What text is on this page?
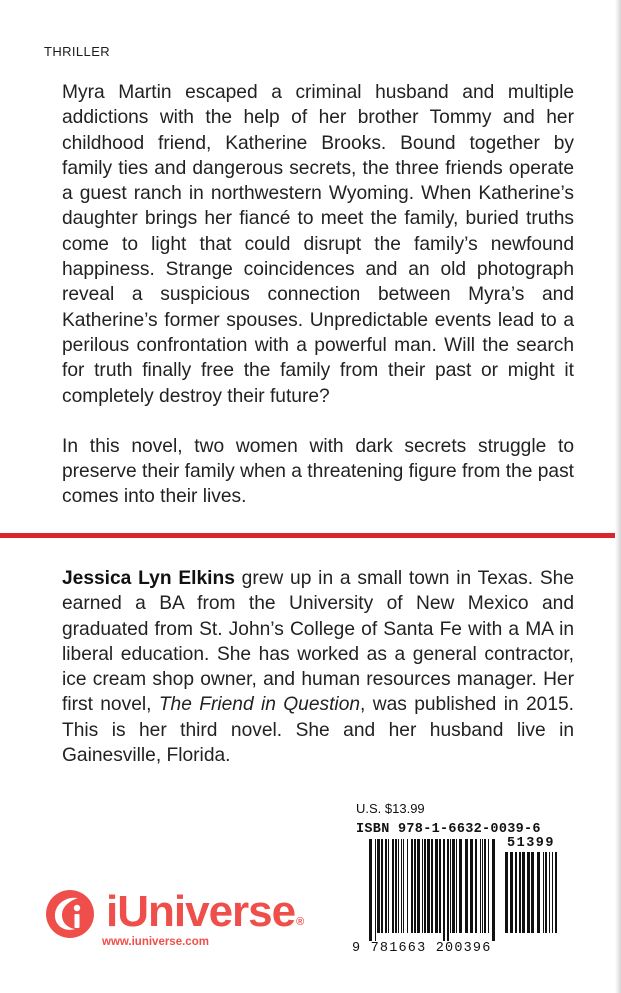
THRILLER

Myra Martin escaped a criminal husband and multiple addictions with the help of her brother Tommy and her childhood friend, Katherine Brooks. Bound together by family ties and dangerous secrets, the three friends operate a guest ranch in northwestern Wyoming. When Katherine’s daughter brings her fiancé to meet the family, buried truths come to light that could disrupt the family’s newfound happiness. Strange coincidences and an old photograph reveal a suspicious connection between Myra’s and Katherine’s former spouses. Unpredictable events lead to a perilous confrontation with a powerful man. Will the search for truth finally free the family from their past or might it completely destroy their future?

In this novel, two women with dark secrets struggle to preserve their family when a threatening figure from the past comes into their lives.

Jessica Lyn Elkins grew up in a small town in Texas. She earned a BA from the University of New Mexico and graduated from St. John’s College of Santa Fe with a MA in liberal education. She has worked as a general contractor, ice cream shop owner, and human resources manager. Her first novel, The Friend in Question, was published in 2015. This is her third novel. She and her husband live in Gainesville, Florida.

iUniverse®
www.iuniverse.com
U.S. $13.99
ISBN 978-1-6632-0039-6
51399
9 781663 200396
